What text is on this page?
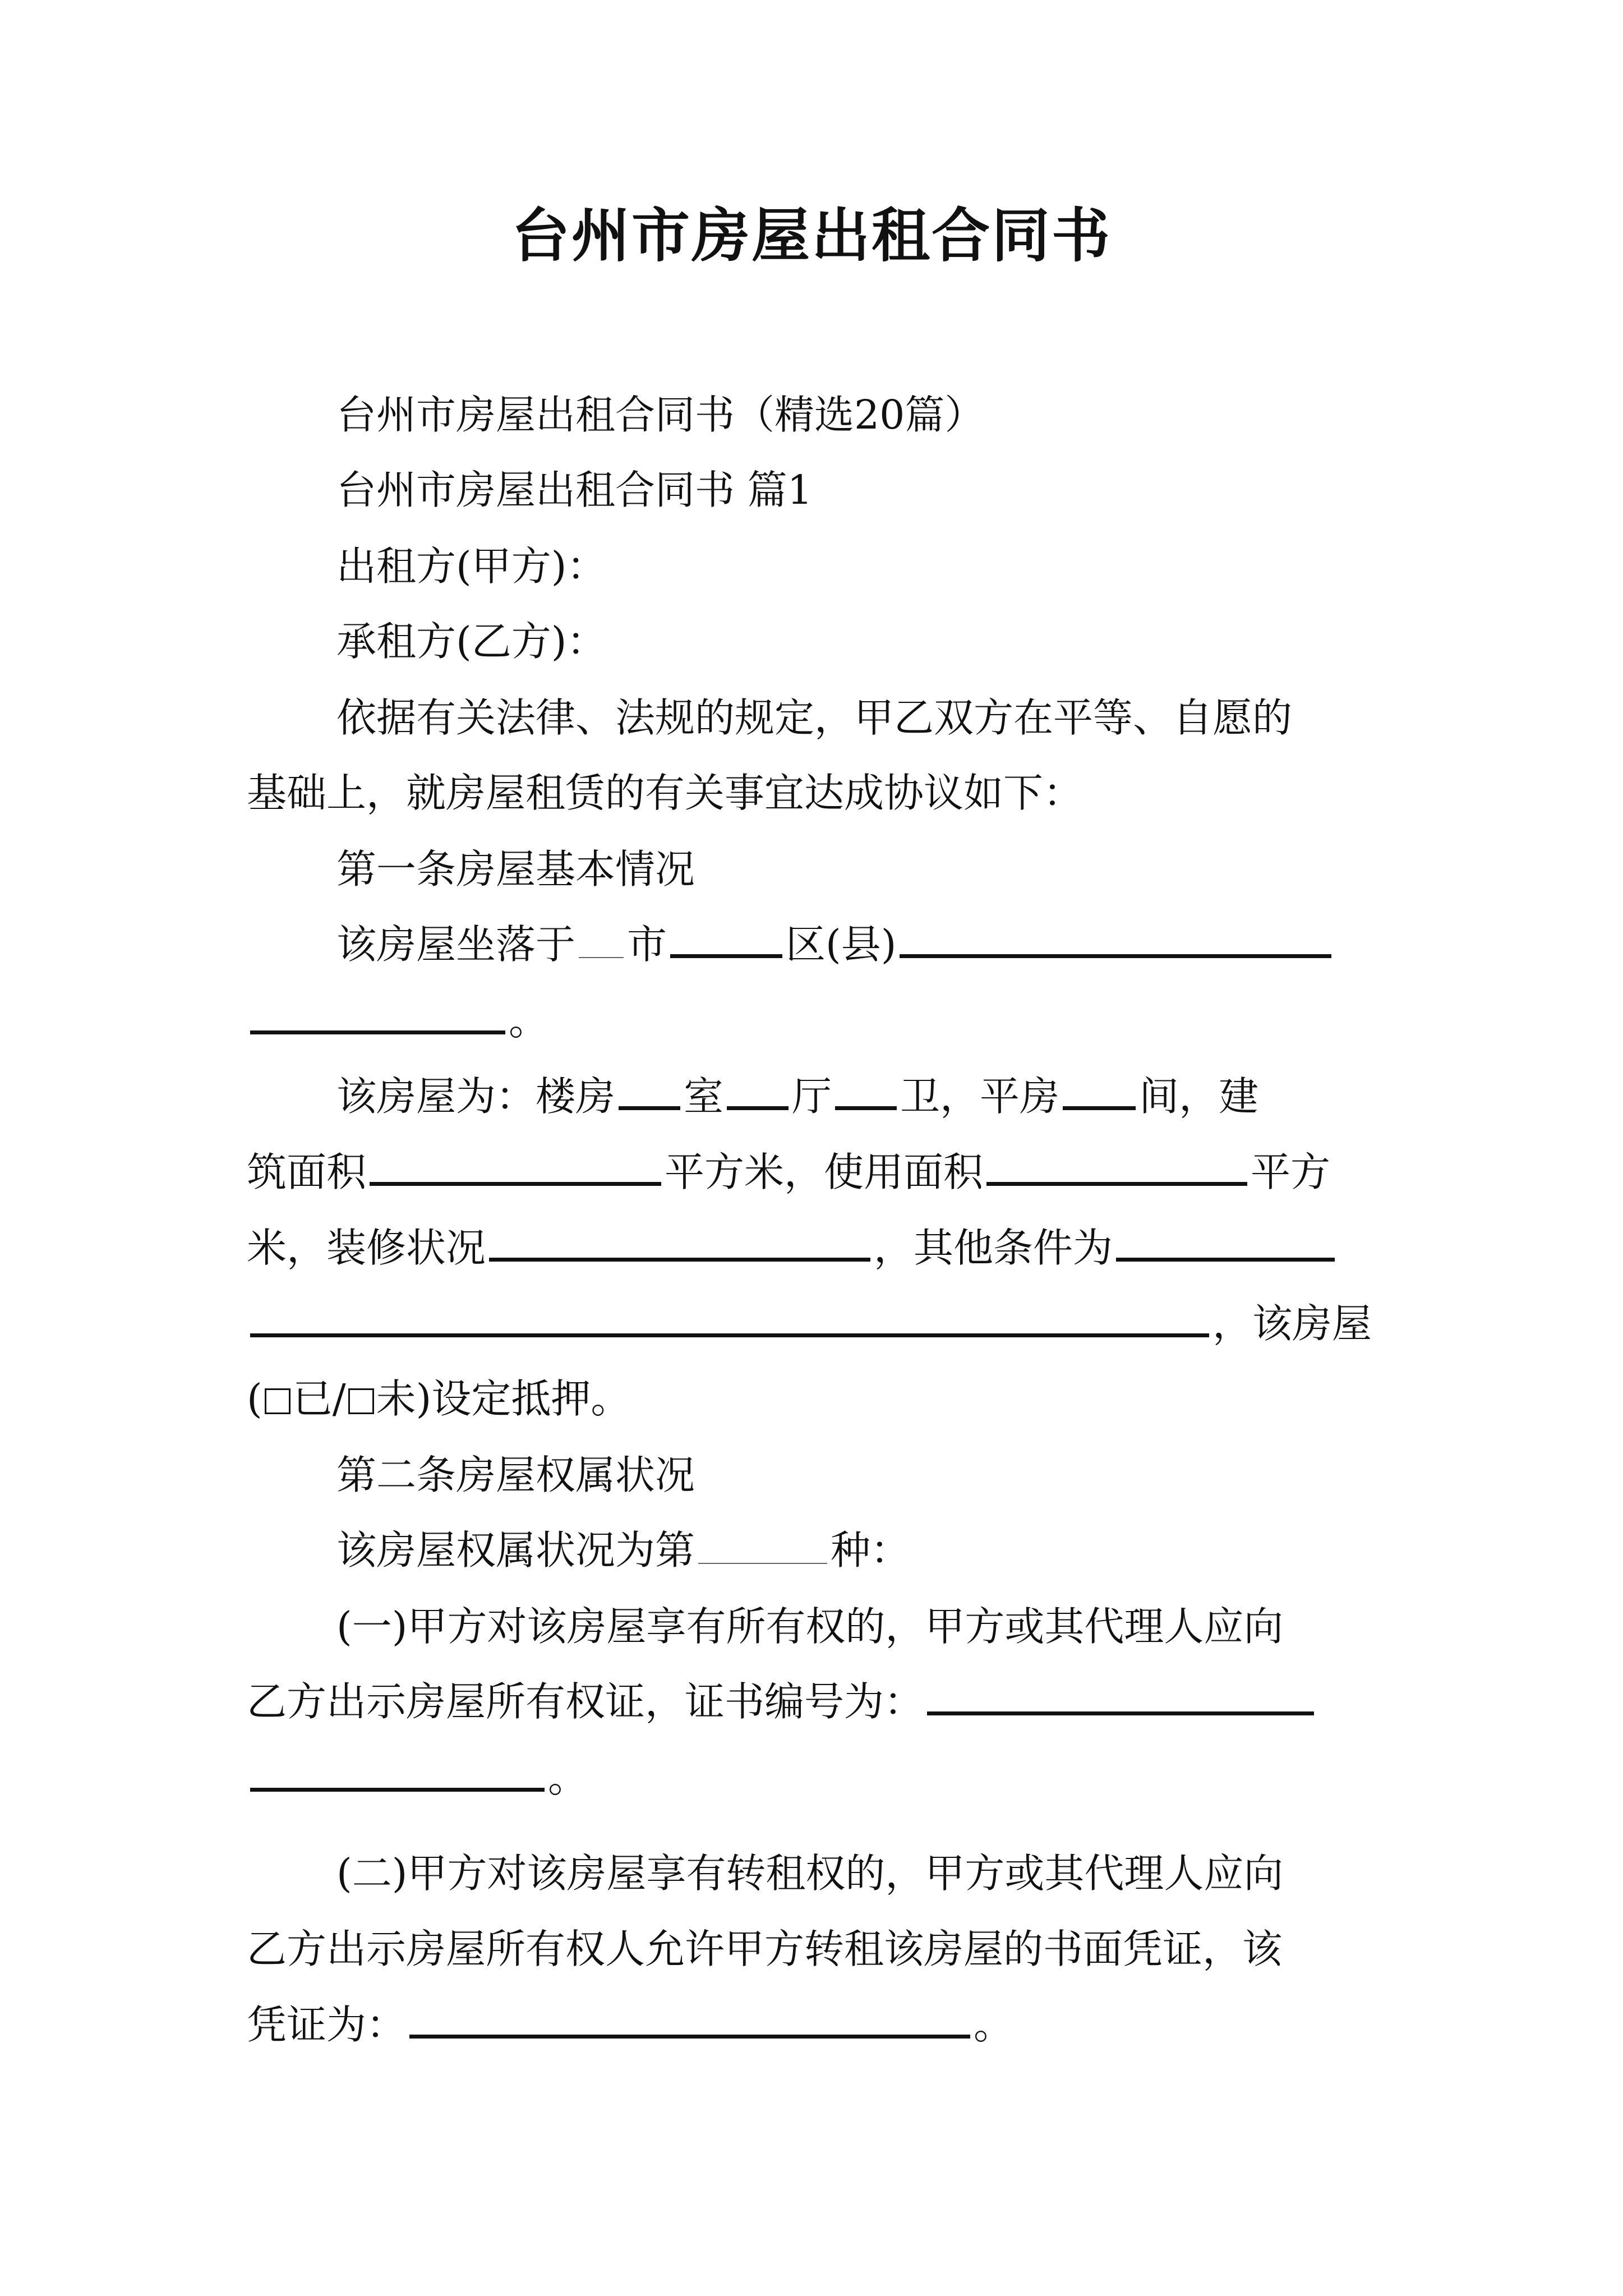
台州市房屋出租合同书
台州市房屋出租合同书（精选20篇）
台州市房屋出租合同书 篇1
出租方(甲方)：
承租方(乙方)：
依据有关法律、法规的规定，甲乙双方在平等、自愿的
基础上，就房屋租赁的有关事宜达成协议如下：
第一条房屋基本情况
该房屋坐落于 市	区(县)
。
该房屋为：楼房 室 厅 卫，平房 间，建
筑面积	平方米，使用面积	平方
米，装修状况	，其他条件为
，该房屋
( 已/ 未)设定抵押。
第二条房屋权属状况
该房屋权属状况为第	种：
(一)甲方对该房屋享有所有权的，甲方或其代理人应向
乙方出示房屋所有权证，证书编号为：
。
(二)甲方对该房屋享有转租权的，甲方或其代理人应向
乙方出示房屋所有权人允许甲方转租该房屋的书面凭证，该
凭证为：	。
